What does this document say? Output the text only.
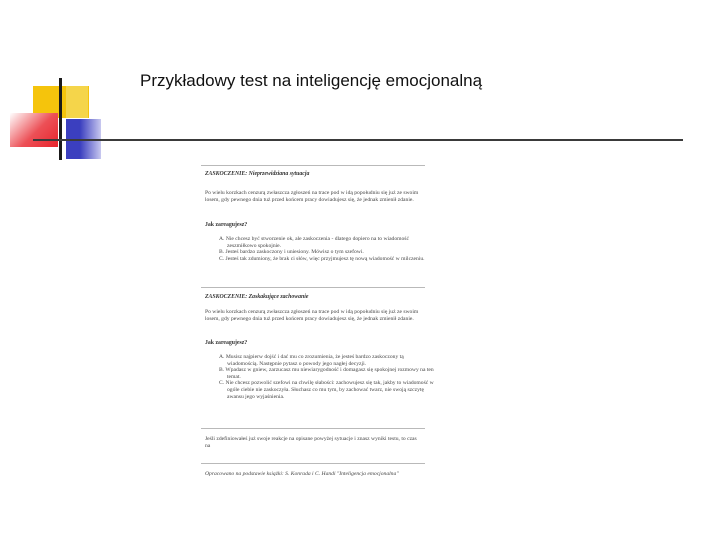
Przykładowy test na inteligencję emocjonalną
ZASKOCZENIE: Nieprzewidziana sytuacja
Po wielu korzkach cenzurą zwłaszcza zgłoszeń na trace pod w idą popołudniu się już ze swoim losem, gdy pewnego dnia tuż przed końcem pracy dowiadujesz się, że jednak zmienił zdanie.
Jak zareagujesz?
A. Nie chcesz być stworzenie ok, ale zaskoczenia - dlatego dopiero na to wiadomość zeszmiłkowo spokojnie.
B. Jesteś bardzo zaskoczony i uniesiony. Mówisz o tym szefowi.
C. Jesteś tak zdumiony, że brak ci słów, więc przyjmujesz tę nową wiadomość w milczeniu.
ZASKOCZENIE: Zaskakujące zachowanie
Po wielu korzkach cenzurą zwłaszcza zgłoszeń na trace pod w idą popołudniu się już ze swoim losem, gdy pewnego dnia tuż przed końcem pracy dowiadujesz się, że jednak zmienił zdanie.
Jak zareagujesz?
A. Musisz najpierw dojść i dać mu co zrozumienia, że jesteś bardzo zaskoczony tą wiadomością. Następnie pytasz o powody jego nagłej decyzji.
B. Wpadasz w gniew, zarzucasz mu niewiarygodność i domagasz się spokojnej rozmowy na ten temat.
C. Nie chcesz pozwolić szefowi na chwilę słabości: zachowujesz się tak, jakby to wiadomość w ogóle ciebie nie zaskoczyła. Słuchasz co mu tym, by zachować twarz, nie swoją szczytę awansu jego wyjaśnienia.
Jeśli zdefiniowałeś już swoje reakcje na opisane powyżej sytuacje i znasz wyniki testu, to czas na
Opracowano na podstawie książki: S. Konrada i C. Handi "Inteligencja emocjonalna"
